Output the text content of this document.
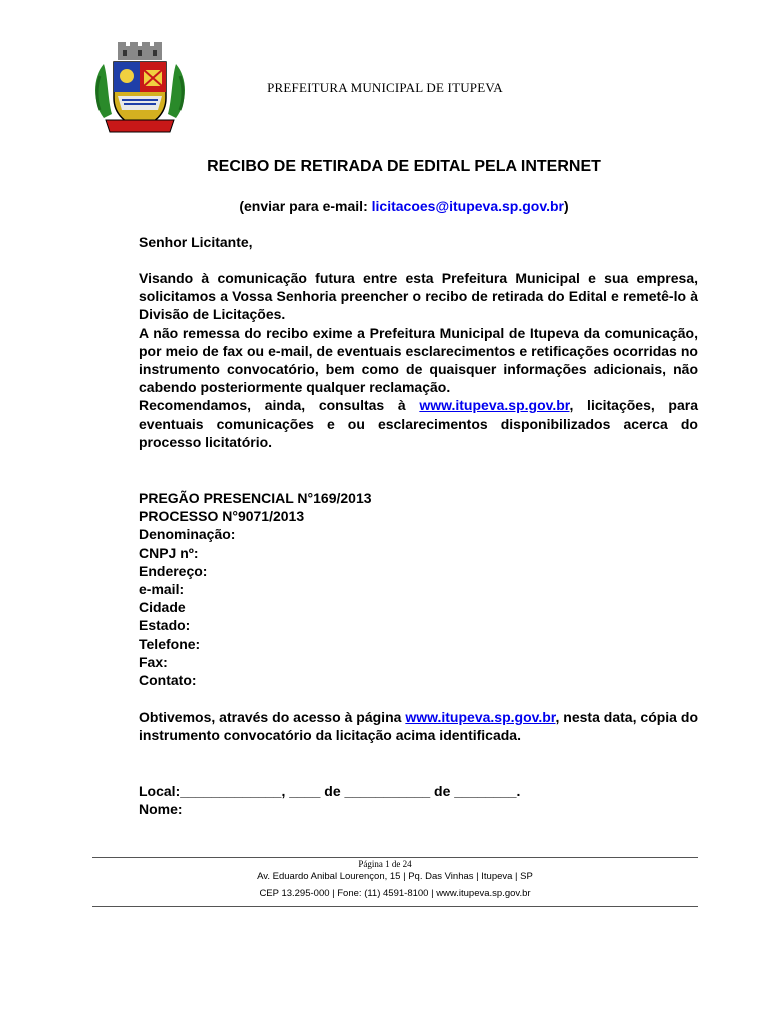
PREFEITURA MUNICIPAL DE ITUPEVA
RECIBO DE RETIRADA DE EDITAL PELA INTERNET
(enviar para e-mail: licitacoes@itupeva.sp.gov.br)
Senhor Licitante,

Visando à comunicação futura entre esta Prefeitura Municipal e sua empresa, solicitamos a Vossa Senhoria preencher o recibo de retirada do Edital e remetê-lo à Divisão de Licitações.

A não remessa do recibo exime a Prefeitura Municipal de Itupeva da comunicação, por meio de fax ou e-mail, de eventuais esclarecimentos e retificações ocorridas no instrumento convocatório, bem como de quaisquer informações adicionais, não cabendo posteriormente qualquer reclamação.

Recomendamos, ainda, consultas à www.itupeva.sp.gov.br, licitações, para eventuais comunicações e ou esclarecimentos disponibilizados acerca do processo licitatório.

PREGÃO PRESENCIAL N°169/2013
PROCESSO N°9071/2013
Denominação:
CNPJ nº:
Endereço:
e-mail:
Cidade
Estado:
Telefone:
Fax:
Contato:
Obtivemos, através do acesso à página www.itupeva.sp.gov.br, nesta data, cópia do instrumento convocatório da licitação acima identificada.
Local:_____________, ____ de ___________ de ________.
Nome:
Página 1 de 24
Av. Eduardo Anibal Lourençon, 15 | Pq. Das Vinhas | Itupeva | SP
CEP 13.295-000 | Fone: (11) 4591-8100 | www.itupeva.sp.gov.br
